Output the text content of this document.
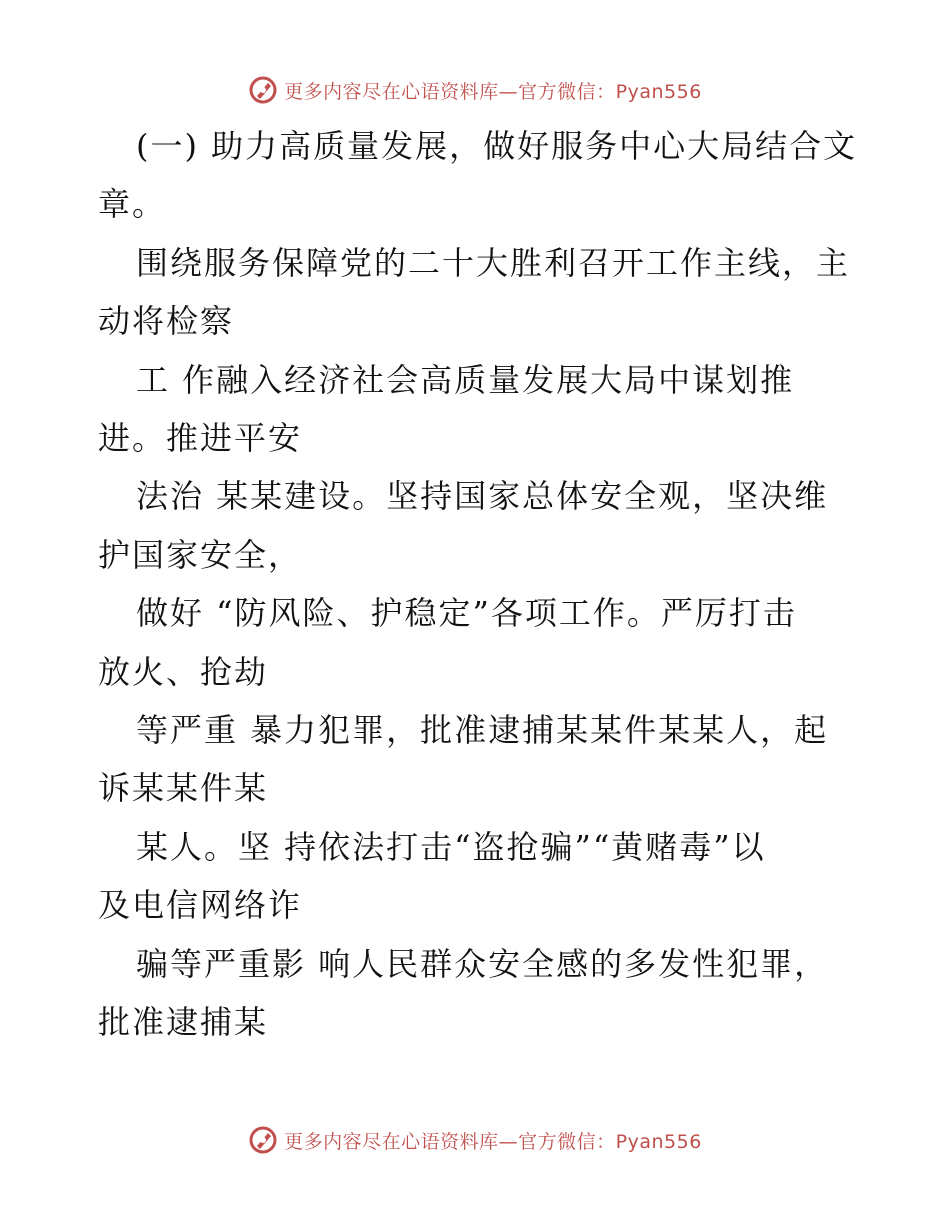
更多内容尽在心语资料库—官方微信：Pyan556
(一) 助力高质量发展，做好服务中心大局结合文
章。
围绕服务保障党的二十大胜利召开工作主线，主
动将检察
工 作融入经济社会高质量发展大局中谋划推
进。推进平安
法治 某某建设。坚持国家总体安全观，坚决维
护国家安全，
做好 “防风险、护稳定”各项工作。严厉打击
放火、抢劫
等严重 暴力犯罪，批准逮捕某某件某某人，起
诉某某件某
某人。坚 持依法打击“盗抢骗”“黄赌毒”以
及电信网络诈
骗等严重影 响人民群众安全感的多发性犯罪，
批准逮捕某
更多内容尽在心语资料库—官方微信：Pyan556
